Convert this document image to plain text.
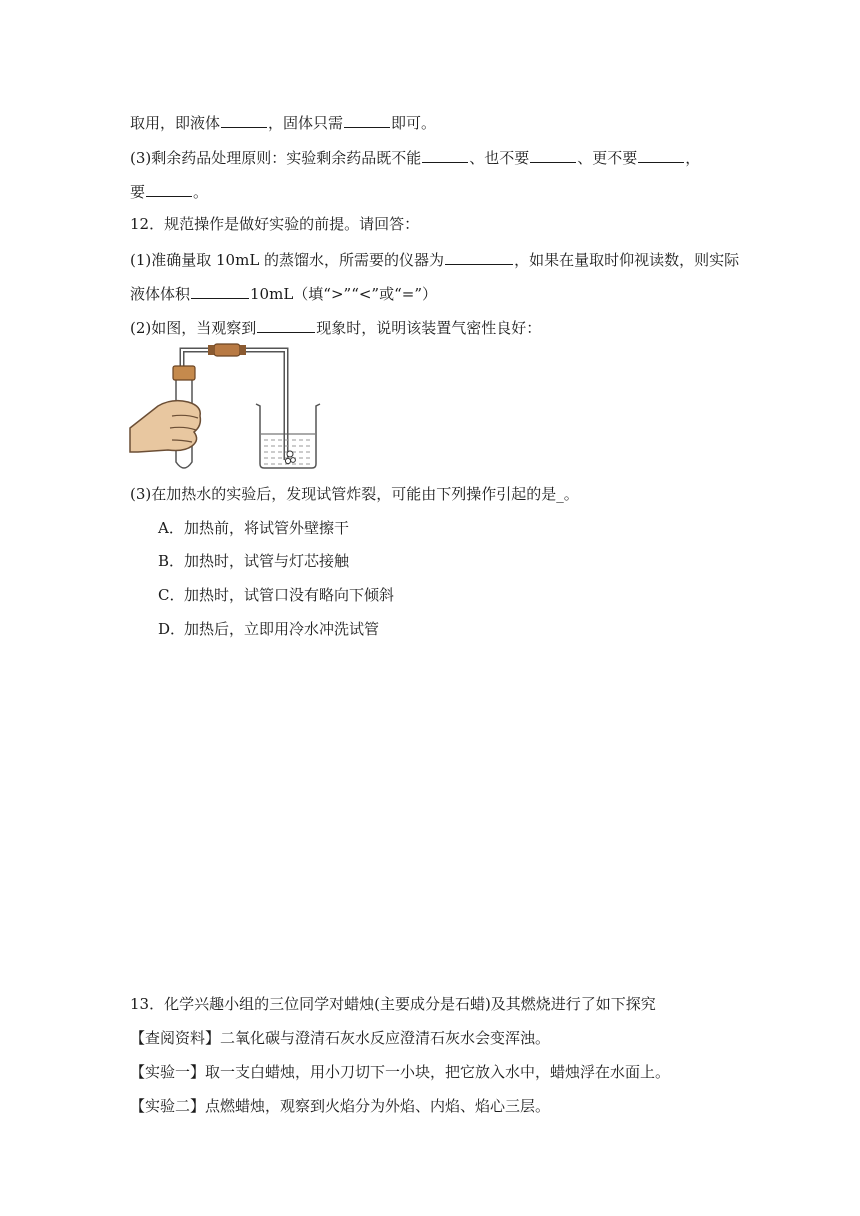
取用，即液体	，固体只需	即可。
(3)剩余药品处理原则：实验剩余药品既不能	、也不要	、更不要	，
要	。
12．规范操作是做好实验的前提。请回答：
(1)准确量取 10mL 的蒸馏水，所需要的仪器为	，如果在量取时仰视读数，则实际
液体体积	10mL（填“>”“<”或“=”）
(2)如图，当观察到	现象时，说明该装置气密性良好：
(3)在加热水的实验后，发现试管炸裂，可能由下列操作引起的是_。
A．加热前，将试管外壁擦干
B．加热时，试管与灯芯接触
C．加热时，试管口没有略向下倾斜
D．加热后，立即用冷水冲洗试管
13．化学兴趣小组的三位同学对蜡烛(主要成分是石蜡)及其燃烧进行了如下探究
【查阅资料】二氧化碳与澄清石灰水反应澄清石灰水会变浑浊。
【实验一】取一支白蜡烛，用小刀切下一小块，把它放入水中，蜡烛浮在水面上。
【实验二】点燃蜡烛，观察到火焰分为外焰、内焰、焰心三层。
